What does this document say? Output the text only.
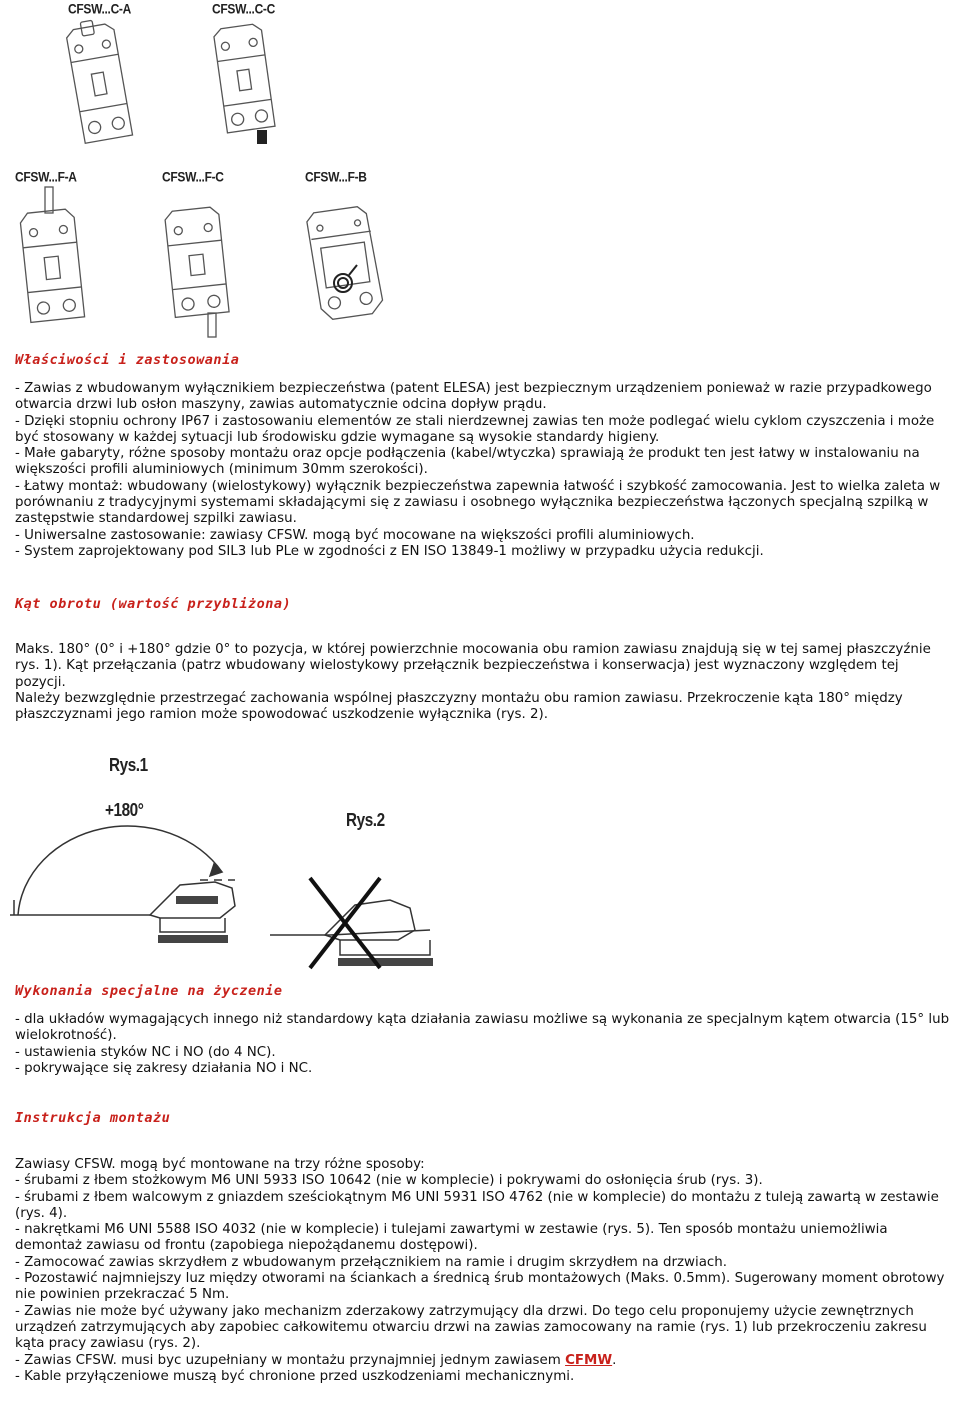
CFSW...C-A	CFSW...C-C
CFSW...F-A	CFSW...F-C	CFSW...F-B
Właściwości i zastosowania

- Zawias z wbudowanym wyłącznikiem bezpieczeństwa (patent ELESA) jest bezpiecznym urządzeniem ponieważ w razie przypadkowego otwarcia drzwi lub osłon maszyny, zawias automatycznie odcina dopływ prądu.

- Dzięki stopniu ochrony IP67 i zastosowaniu elementów ze stali nierdzewnej zawias ten może podlegać wielu cyklom czyszczenia i może być stosowany w każdej sytuacji lub środowisku gdzie wymagane są wysokie standardy higieny.

- Małe gabaryty, różne sposoby montażu oraz opcje podłączenia (kabel/wtyczka) sprawiają że produkt ten jest łatwy w instalowaniu na większości profili aluminiowych (minimum 30mm szerokości).

- Łatwy montaż: wbudowany (wielostykowy) wyłącznik bezpieczeństwa zapewnia łatwość i szybkość zamocowania. Jest to wielka zaleta w porównaniu z tradycyjnymi systemami składającymi się z zawiasu i osobnego wyłącznika bezpieczeństwa łączonych specjalną szpilką w zastępstwie standardowej szpilki zawiasu.

- Uniwersalne zastosowanie: zawiasy CFSW. mogą być mocowane na większości profili aluminiowych.

- System zaprojektowany pod SIL3 lub PLe w zgodności z EN ISO 13849-1 możliwy w przypadku użycia redukcji.

Kąt obrotu (wartość przybliżona)

Maks. 180° (0° i +180° gdzie 0° to pozycja, w której powierzchnie mocowania obu ramion zawiasu znajdują się w tej samej płaszczyźnie rys. 1). Kąt przełączania (patrz wbudowany wielostykowy przełącznik bezpieczeństwa i konserwacja) jest wyznaczony względem tej pozycji.

Należy bezwzględnie przestrzegać zachowania wspólnej płaszczyzny montażu obu ramion zawiasu. Przekroczenie kąta 180° między płaszczyznami jego ramion może spowodować uszkodzenie wyłącznika (rys. 2).

Rys.1
+180°	Rys.2
Wykonania specjalne na życzenie

- dla układów wymagających innego niż standardowy kąta działania zawiasu możliwe są wykonania ze specjalnym kątem otwarcia (15° lub wielokrotność).

- ustawienia styków NC i NO (do 4 NC).

- pokrywające się zakresy działania NO i NC.

Instrukcja montażu

Zawiasy CFSW. mogą być montowane na trzy różne sposoby:

- śrubami z łbem stożkowym M6 UNI 5933 ISO 10642 (nie w komplecie) i pokrywami do osłonięcia śrub (rys. 3).

- śrubami z łbem walcowym z gniazdem sześciokątnym M6 UNI 5931 ISO 4762 (nie w komplecie) do montażu z tuleją zawartą w zestawie (rys. 4).

- nakrętkami M6 UNI 5588 ISO 4032 (nie w komplecie) i tulejami zawartymi w zestawie (rys. 5). Ten sposób montażu uniemożliwia demontaż zawiasu od frontu (zapobiega niepożądanemu dostępowi).

- Zamocować zawias skrzydłem z wbudowanym przełącznikiem na ramie i drugim skrzydłem na drzwiach.

- Pozostawić najmniejszy luz między otworami na ściankach a średnicą śrub montażowych (Maks. 0.5mm). Sugerowany moment obrotowy nie powinien przekraczać 5 Nm.

- Zawias nie może być używany jako mechanizm zderzakowy zatrzymujący dla drzwi. Do tego celu proponujemy użycie zewnętrznych urządzeń zatrzymujących aby zapobiec całkowitemu otwarciu drzwi na zawias zamocowany na ramie (rys. 1) lub przekroczeniu zakresu kąta pracy zawiasu (rys. 2).

- Zawias CFSW. musi byc uzupełniany w montażu przynajmniej jednym zawiasem CFMW.

- Kable przyłączeniowe muszą być chronione przed uszkodzeniami mechanicznymi.
